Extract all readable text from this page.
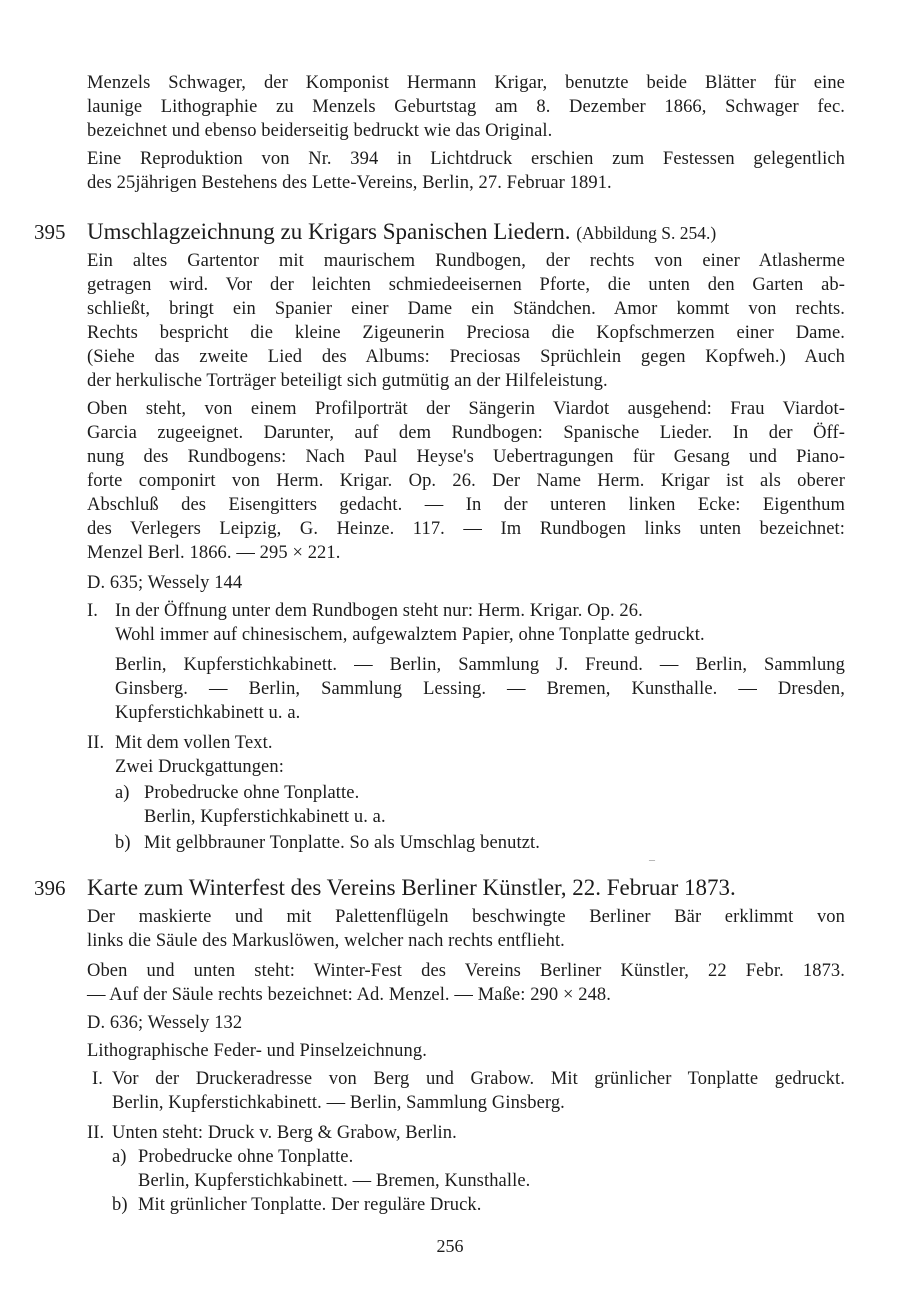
Menzels Schwager, der Komponist Hermann Krigar, benutzte beide Blätter für eine
launige Lithographie zu Menzels Geburtstag am 8. Dezember 1866, Schwager fec.
bezeichnet und ebenso beiderseitig bedruckt wie das Original.
Eine Reproduktion von Nr. 394 in Lichtdruck erschien zum Festessen gelegentlich
des 25jährigen Bestehens des Lette-Vereins, Berlin, 27. Februar 1891.
395 Umschlagzeichnung zu Krigars Spanischen Liedern. (Abbildung S. 254.)
Ein altes Gartentor mit maurischem Rundbogen, der rechts von einer Atlasherme
getragen wird. Vor der leichten schmiedeeisernen Pforte, die unten den Garten ab-
schließt, bringt ein Spanier einer Dame ein Ständchen. Amor kommt von rechts.
Rechts bespricht die kleine Zigeunerin Preciosa die Kopfschmerzen einer Dame.
(Siehe das zweite Lied des Albums: Preciosas Sprüchlein gegen Kopfweh.) Auch
der herkulische Torträger beteiligt sich gutmütig an der Hilfeleistung.
Oben steht, von einem Profilporträt der Sängerin Viardot ausgehend: Frau Viardot-
Garcia zugeeignet. Darunter, auf dem Rundbogen: Spanische Lieder. In der Öff-
nung des Rundbogens: Nach Paul Heyse's Uebertragungen für Gesang und Piano-
forte componirt von Herm. Krigar. Op. 26. Der Name Herm. Krigar ist als oberer
Abschluß des Eisengitters gedacht. — In der unteren linken Ecke: Eigenthum
des Verlegers Leipzig, G. Heinze. 117. — Im Rundbogen links unten bezeichnet:
Menzel Berl. 1866. — 295 × 221.
D. 635; Wessely 144
I. In der Öffnung unter dem Rundbogen steht nur: Herm. Krigar. Op. 26.
Wohl immer auf chinesischem, aufgewalztem Papier, ohne Tonplatte gedruckt.
Berlin, Kupferstichkabinett. — Berlin, Sammlung J. Freund. — Berlin, Sammlung
Ginsberg. — Berlin, Sammlung Lessing. — Bremen, Kunsthalle. — Dresden,
Kupferstichkabinett u. a.
II. Mit dem vollen Text.
Zwei Druckgattungen:
a) Probedrucke ohne Tonplatte.
Berlin, Kupferstichkabinett u. a.
b) Mit gelbbrauner Tonplatte. So als Umschlag benutzt.
‒
396 Karte zum Winterfest des Vereins Berliner Künstler, 22. Februar 1873.
Der maskierte und mit Palettenflügeln beschwingte Berliner Bär erklimmt von
links die Säule des Markuslöwen, welcher nach rechts entflieht.
Oben und unten steht: Winter-Fest des Vereins Berliner Künstler, 22 Febr. 1873.
— Auf der Säule rechts bezeichnet: Ad. Menzel. — Maße: 290 × 248.
D. 636; Wessely 132
Lithographische Feder- und Pinselzeichnung.
I. Vor der Druckeradresse von Berg und Grabow. Mit grünlicher Tonplatte gedruckt.
Berlin, Kupferstichkabinett. — Berlin, Sammlung Ginsberg.
II. Unten steht: Druck v. Berg & Grabow, Berlin.
a) Probedrucke ohne Tonplatte.
Berlin, Kupferstichkabinett. — Bremen, Kunsthalle.
b) Mit grünlicher Tonplatte. Der reguläre Druck.
256
